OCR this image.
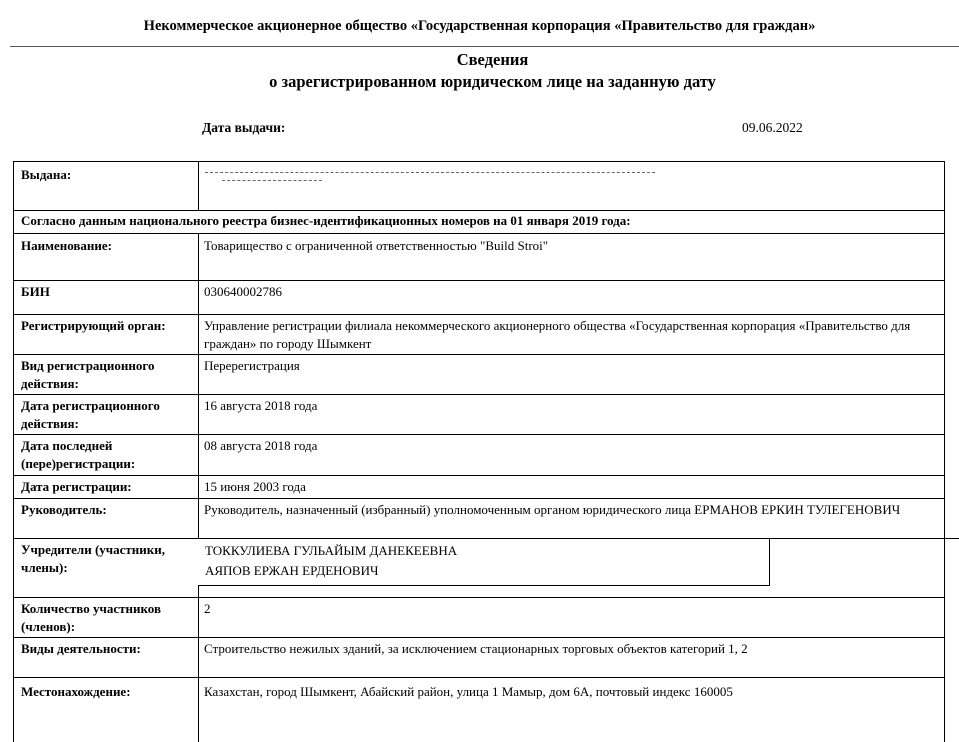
Некоммерческое акционерное общество «Государственная корпорация «Правительство для граждан»
Сведения
о зарегистрированном юридическом лице на заданную дату
Дата выдачи:	09.06.2022
Выдана:
Согласно данным национального реестра бизнес-идентификационных номеров на 01 января 2019 года:
Наименование:	Товарищество с ограниченной ответственностью "Build Stroi"
БИН	030640002786
Регистрирующий орган:	Управление регистрации филиала некоммерческого акционерного общества «Государственная корпорация «Правительство для граждан» по городу Шымкент
Вид регистрационного действия:
Перерегистрация
Дата регистрационного действия:
16 августа 2018 года
Дата последней (пере)регистрации:
08 августа 2018 года
Дата регистрации:	15 июня 2003 года
Руководитель:	Руководитель, назначенный (избранный) уполномоченным органом юридического лица ЕРМАНОВ ЕРКИН ТУЛЕГЕНОВИЧ
Учредители (участники, члены):
ТОККУЛИЕВА ГУЛЬАЙЫМ ДАНЕКЕЕВНА
АЯПОВ ЕРЖАН ЕРДЕНОВИЧ
Количество участников (членов):
2
Виды деятельности:	Строительство нежилых зданий, за исключением стационарных торговых объектов категорий 1, 2
Местонахождение:	Казахстан, город Шымкент, Абайский район, улица 1 Мамыр, дом 6А, почтовый индекс 160005
